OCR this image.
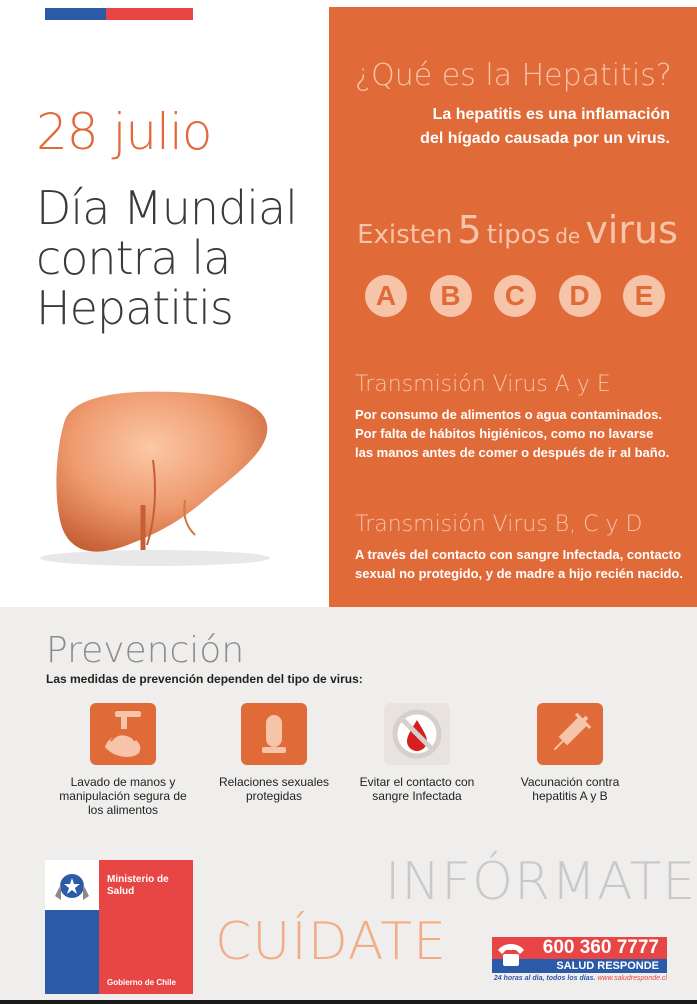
28 julio
Día Mundial
contra la
Hepatitis
¿Qué es la Hepatitis?
La hepatitis es una inflamación
del hígado causada por un virus.
Existen 5 tipos de virus
A	B	C	D	E
Transmisión Virus A y E
Por consumo de alimentos o agua contaminados.
Por falta de hábitos higiénicos, como no lavarse
las manos antes de comer o después de ir al baño.
Transmisión Virus B, C y D
A través del contacto con sangre Infectada, contacto
sexual no protegido, y de madre a hijo recién nacido.
Prevención
Las medidas de prevención dependen del tipo de virus:
Lavado de manos y
manipulación segura de
los alimentos
Relaciones sexuales
protegidas
Evitar el contacto con
sangre Infectada
Vacunación contra
hepatitis A y B
Ministerio de
Salud
Gobierno de Chile
INFÓRMATE
CUÍDATE	600 360 7777
SALUD RESPONDE
24 horas al día, todos los días. www.saludresponde.cl
